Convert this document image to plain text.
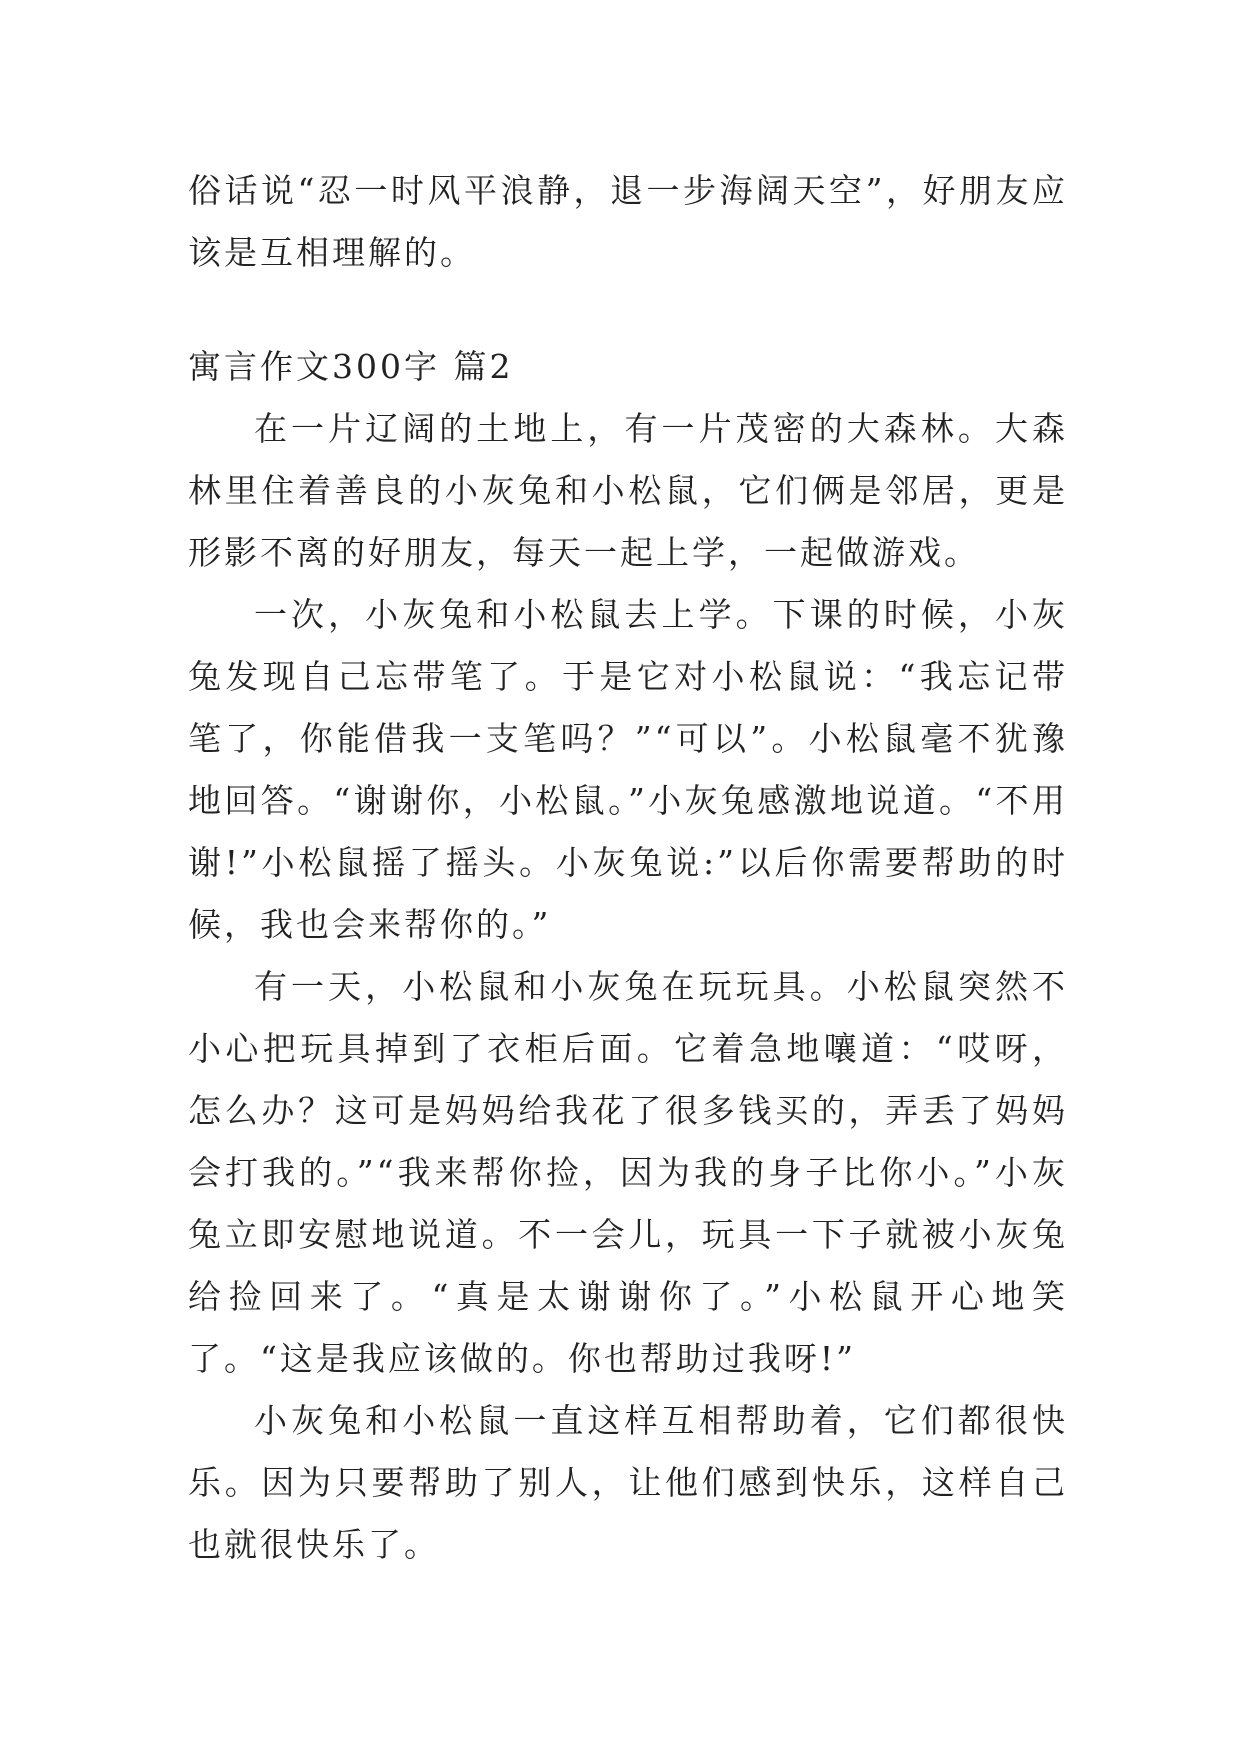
俗话说“忍一时风平浪静，退一步海阔天空”，好朋友应该是互相理解的。

寓言作文300字 篇2

在一片辽阔的土地上，有一片茂密的大森林。大森林里住着善良的小灰兔和小松鼠，它们俩是邻居，更是形影不离的好朋友，每天一起上学，一起做游戏。

一次，小灰兔和小松鼠去上学。下课的时候，小灰兔发现自己忘带笔了。于是它对小松鼠说：“我忘记带笔了，你能借我一支笔吗？”“可以”。小松鼠毫不犹豫地回答。“谢谢你，小松鼠。”小灰兔感激地说道。“不用谢!”小松鼠摇了摇头。小灰兔说:”以后你需要帮助的时候，我也会来帮你的。”

有一天，小松鼠和小灰兔在玩玩具。小松鼠突然不小心把玩具掉到了衣柜后面。它着急地嚷道：“哎呀，怎么办？这可是妈妈给我花了很多钱买的，弄丢了妈妈会打我的。”“我来帮你捡，因为我的身子比你小。”小灰兔立即安慰地说道。不一会儿，玩具一下子就被小灰兔给捡回来了。“真是太谢谢你了。”小松鼠开心地笑了。“这是我应该做的。你也帮助过我呀!”

小灰兔和小松鼠一直这样互相帮助着，它们都很快乐。因为只要帮助了别人，让他们感到快乐，这样自己也就很快乐了。
